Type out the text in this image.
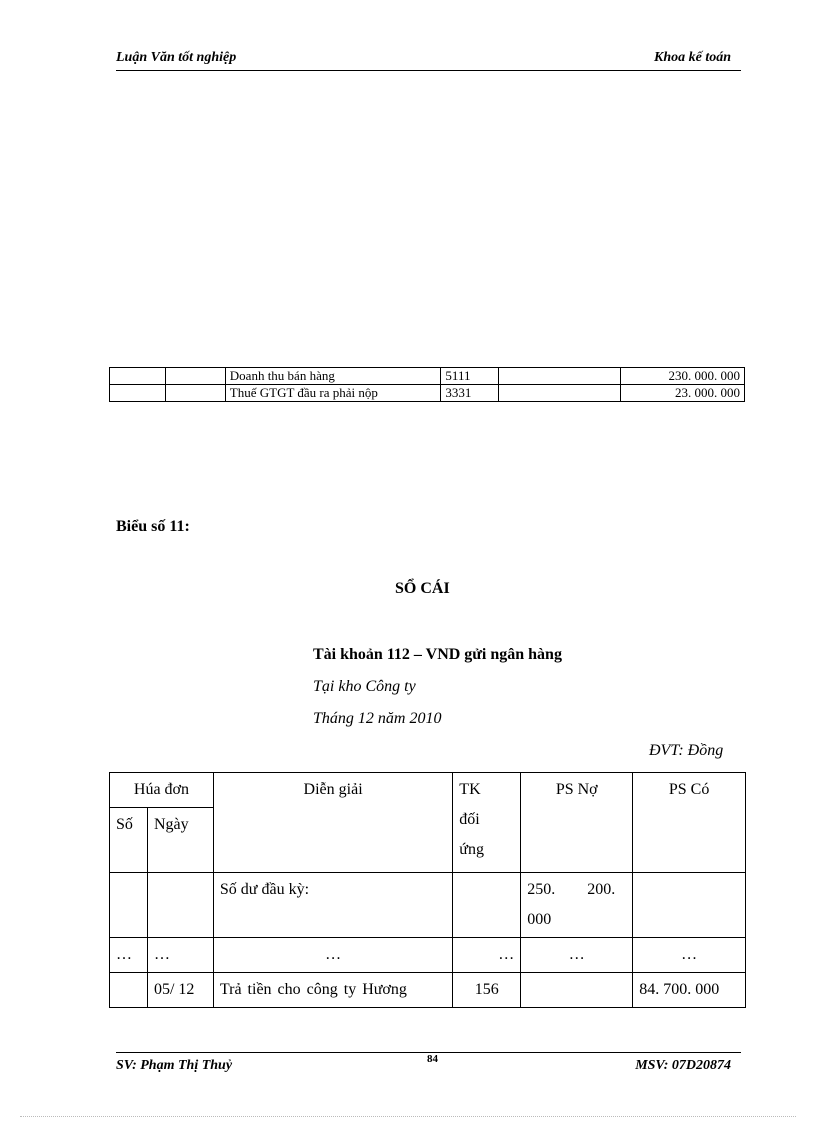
Luận Văn tốt nghiệp	Khoa kế toán
		Doanh thu bán hàng	5111		230. 000. 000
		Thuế GTGT đầu ra phải nộp	3331		23. 000. 000
Biểu số 11:
SỔ CÁI
Tài khoản 112 – VND gửi ngân hàng
Tại kho Công ty
Tháng 12 năm 2010
ĐVT: Đồng
Húa đơn		Diễn giải	TK đối ứng	PS Nợ	PS Có
Số	Ngày				
		Số dư đầu kỳ:		250. 200. 000	

…	…	…	…	…	…
	05/ 12	Trả tiền cho công ty Hương	156		84. 700. 000
SV: Phạm Thị Thuỷ	84	MSV: 07D20874
